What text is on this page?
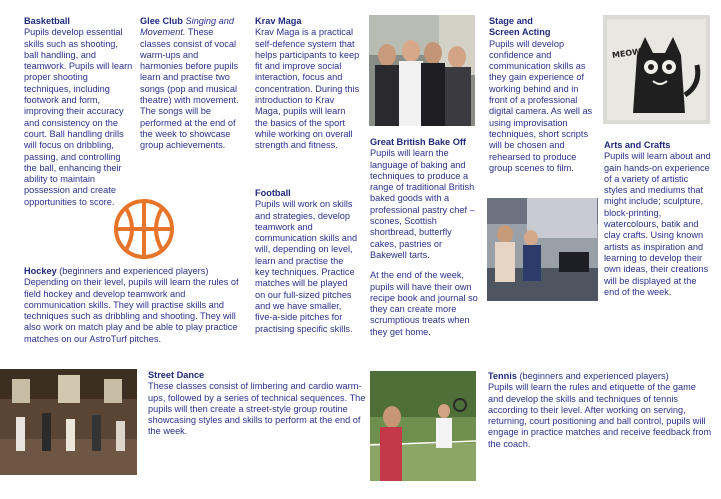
Basketball

Pupils develop essential skills such as shooting, ball handling, and teamwork. Pupils will learn proper shooting techniques, including footwork and form, improving their accuracy and consistency on the court. Ball handling drills will focus on dribbling, passing, and controlling the ball, enhancing their ability to maintain possession and create opportunities to score.

Glee Club Singing and Movement. These classes consist of vocal warm-ups and harmonies before pupils learn and practise two songs (pop and musical theatre) with movement. The songs will be performed at the end of the week to showcase group achievements.

Krav Maga

Krav Maga is a practical self-defence system that helps participants to keep fit and improve social interaction, focus and concentration. During this introduction to Krav Maga, pupils will learn the basics of the sport while working on overall strength and fitness.

Football

Pupils will work on skills and strategies, develop teamwork and communication skills and will, depending on level, learn and practise the key techniques. Practice matches will be played on our full-sized pitches and we have smaller, five-a-side pitches for practising specific skills.

Great British Bake Off

Pupils will learn the language of baking and techniques to produce a range of traditional British baked goods with a professional pastry chef – scones, Scottish shortbread, butterfly cakes, pastries or Bakewell tarts.

At the end of the week, pupils will have their own recipe book and journal so they can create more scrumptious treats when they get home.

Stage and Screen Acting

Pupils will develop confidence and communication skills as they gain experience of working behind and in front of a professional digital camera. As well as using improvisation techniques, short scripts will be chosen and rehearsed to produce group scenes to film.

MEOW
Arts and Crafts

Pupils will learn about and gain hands-on experience of a variety of artistic styles and mediums that might include; sculpture, block-printing, watercolours, batik and clay crafts. Using known artists as inspiration and learning to develop their own ideas, their creations will be displayed at the end of the week.

Hockey (beginners and experienced players)

Depending on their level, pupils will learn the rules of field hockey and develop teamwork and communication skills. They will practise skills and techniques such as dribbling and shooting. They will also work on match play and be able to play practice matches on our AstroTurf pitches.

Street Dance

These classes consist of limbering and cardio warm-ups, followed by a series of technical sequences. The pupils will then create a street-style group routine showcasing styles and skills to perform at the end of the week.

Tennis (beginners and experienced players)

Pupils will learn the rules and etiquette of the game and develop the skills and techniques of tennis according to their level. After working on serving, returning, court positioning and ball control, pupils will engage in practice matches and receive feedback from the coach.
